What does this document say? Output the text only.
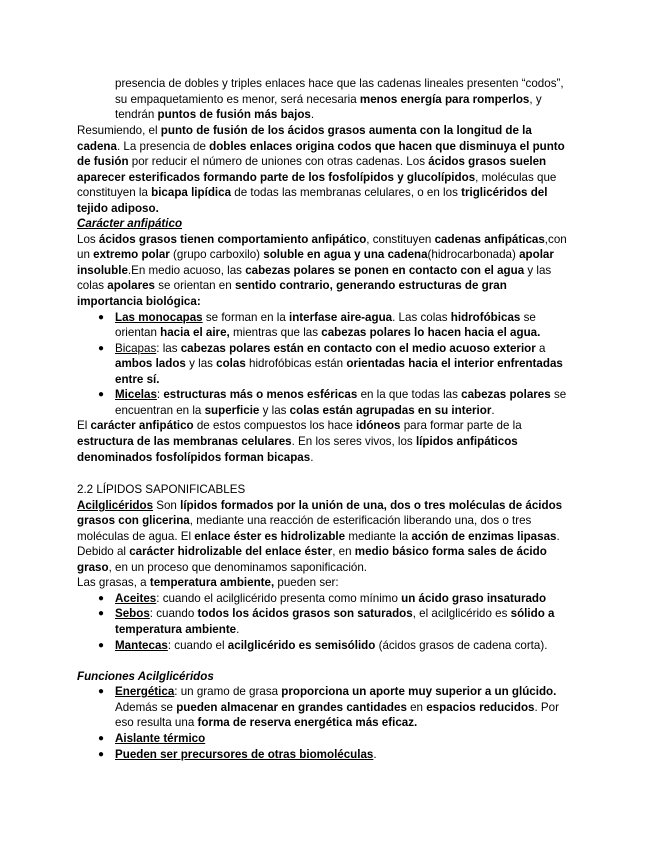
presencia de dobles y triples enlaces hace que las cadenas lineales presenten “codos”,
su empaquetamiento es menor, será necesaria menos energía para romperlos, y
tendrán puntos de fusión más bajos.
Resumiendo, el punto de fusión de los ácidos grasos aumenta con la longitud de la
cadena. La presencia de dobles enlaces origina codos que hacen que disminuya el punto
de fusión por reducir el número de uniones con otras cadenas. Los ácidos grasos suelen
aparecer esterificados formando parte de los fosfolípidos y glucolípidos, moléculas que
constituyen la bicapa lipídica de todas las membranas celulares, o en los triglicéridos del
tejido adiposo.
Carácter anfipático
Los ácidos grasos tienen comportamiento anfipático, constituyen cadenas anfipáticas,con
un extremo polar (grupo carboxilo) soluble en agua y una cadena(hidrocarbonada) apolar
insoluble.En medio acuoso, las cabezas polares se ponen en contacto con el agua y las
colas apolares se orientan en sentido contrario, generando estructuras de gran
importancia biológica:
● Las monocapas se forman en la interfase aire-agua. Las colas hidrofóbicas se
orientan hacia el aire, mientras que las cabezas polares lo hacen hacia el agua.
● Bicapas: las cabezas polares están en contacto con el medio acuoso exterior a
ambos lados y las colas hidrofóbicas están orientadas hacia el interior enfrentadas
entre sí.
● Micelas: estructuras más o menos esféricas en la que todas las cabezas polares se
encuentran en la superficie y las colas están agrupadas en su interior.
El carácter anfipático de estos compuestos los hace idóneos para formar parte de la
estructura de las membranas celulares. En los seres vivos, los lípidos anfipáticos
denominados fosfolípidos forman bicapas.
2.2 LÍPIDOS SAPONIFICABLES
Acilglicéridos Son lípidos formados por la unión de una, dos o tres moléculas de ácidos
grasos con glicerina, mediante una reacción de esterificación liberando una, dos o tres
moléculas de agua. El enlace éster es hidrolizable mediante la acción de enzimas lipasas.
Debido al carácter hidrolizable del enlace éster, en medio básico forma sales de ácido
graso, en un proceso que denominamos saponificación.
Las grasas, a temperatura ambiente, pueden ser:
● Aceites: cuando el acilglicérido presenta como mínimo un ácido graso insaturado
● Sebos: cuando todos los ácidos grasos son saturados, el acilglicérido es sólido a
temperatura ambiente.
● Mantecas: cuando el acilglicérido es semisólido (ácidos grasos de cadena corta).
Funciones Acilglicéridos
● Energética: un gramo de grasa proporciona un aporte muy superior a un glúcido.
Además se pueden almacenar en grandes cantidades en espacios reducidos. Por
eso resulta una forma de reserva energética más eficaz.
● Aislante térmico
● Pueden ser precursores de otras biomoléculas.
